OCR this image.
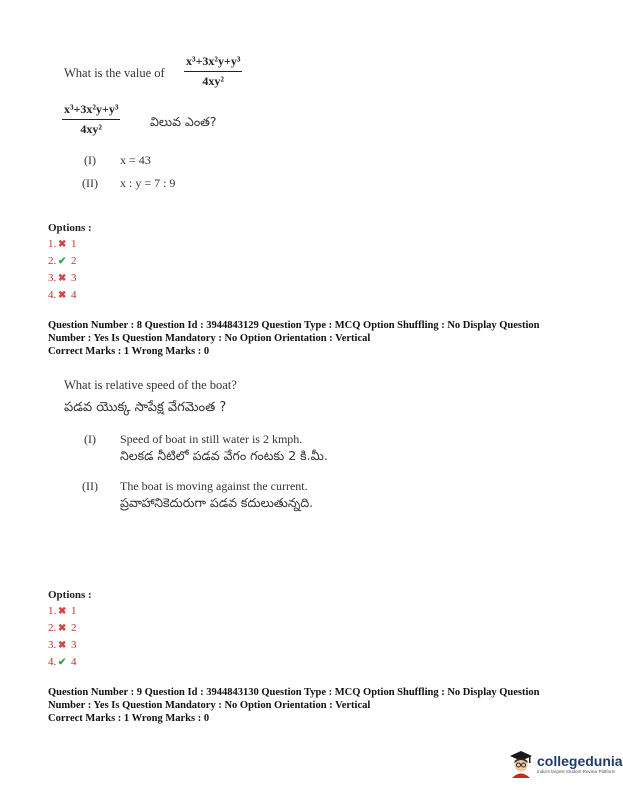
What is the value of $\frac{\text{x³+3x²y+y³}}{\text{4xy²}}$
$\frac{\text{x³+3x²y+y³}}{\text{4xy²}}$ విలువ ఎంత?
(I) x = 43
(II) x : y = 7 : 9
Options :
1. ✖ 1
2. ✔ 2
3. ✖ 3
4. ✖ 4
Question Number : 8 Question Id : 3944843129 Question Type : MCQ Option Shuffling : No Display Question
Number : Yes Is Question Mandatory : No Option Orientation : Vertical
Correct Marks : 1 Wrong Marks : 0
What is relative speed of the boat?
పడవ యొక్క సాపేక్ష వేగమెంత ?
(I) Speed of boat in still water is 2 kmph.
నిలకడ నీటిలో పడవ వేగం గంటకు 2 కి.మీ.
(II) The boat is moving against the current.
ప్రవాహానికెదురుగా పడవ కదులుతున్నది.
Options :
1. ✖ 1
2. ✖ 2
3. ✖ 3
4. ✔ 4
Question Number : 9 Question Id : 3944843130 Question Type : MCQ Option Shuffling : No Display Question
Number : Yes Is Question Mandatory : No Option Orientation : Vertical
Correct Marks : 1 Wrong Marks : 0
collegedunia
India's largest Student Review Platform
